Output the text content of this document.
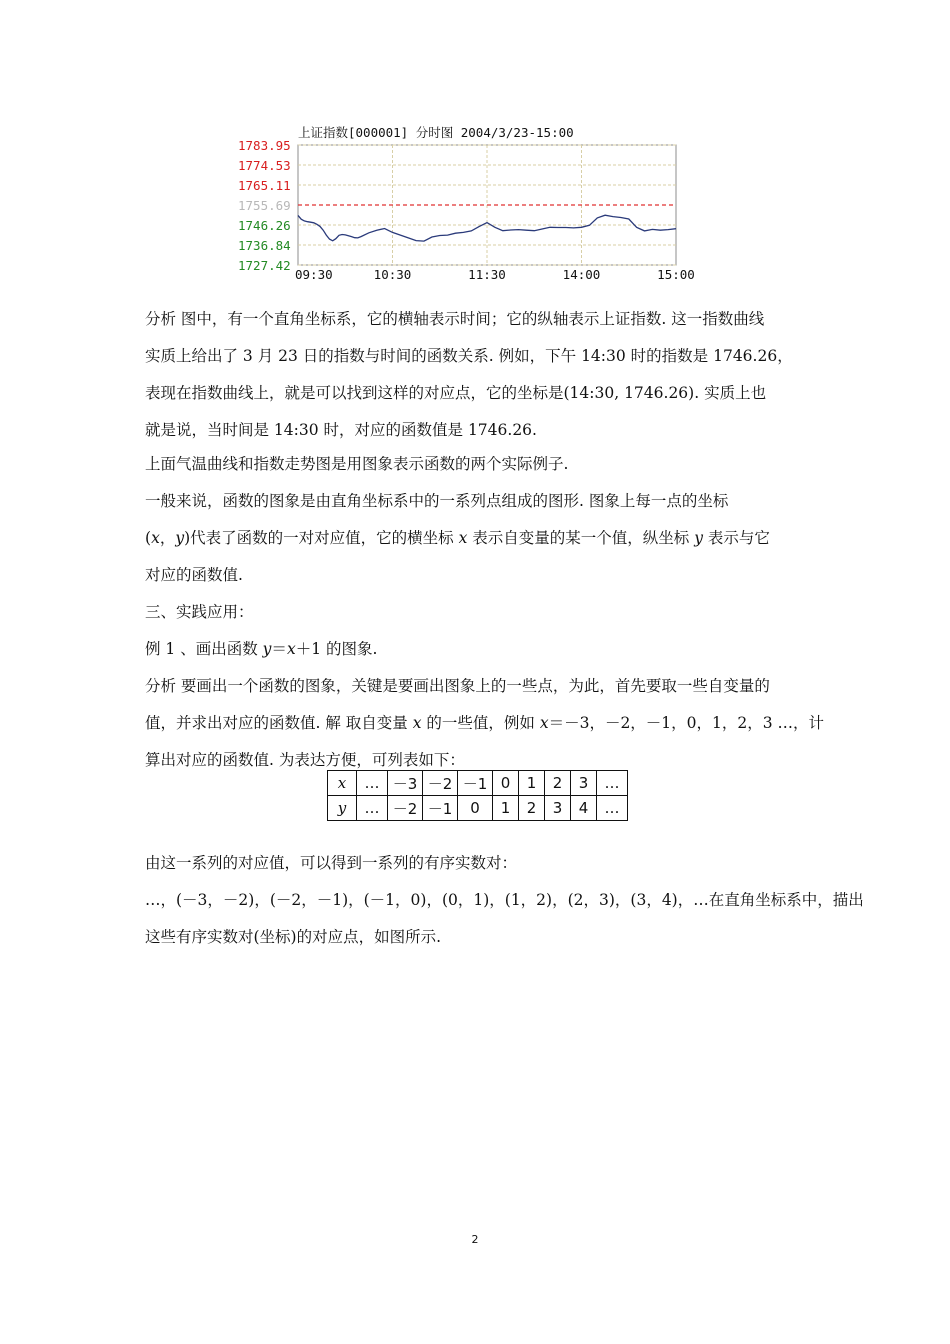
1783.95
1774.53
1765.11
1755.69
1746.26
1736.84
1727.42
09:30	10:30	11:30	14:00	15:00
上证指数[000001] 分时图 2004/3/23-15:00

分析 图中，有一个直角坐标系，它的横轴表示时间；它的纵轴表示上证指数. 这一指数曲线

实质上给出了 3 月 23 日的指数与时间的函数关系. 例如，下午 14:30 时的指数是 1746.26，

表现在指数曲线上，就是可以找到这样的对应点，它的坐标是(14:30, 1746.26). 实质上也

就是说，当时间是 14:30 时，对应的函数值是 1746.26.

上面气温曲线和指数走势图是用图象表示函数的两个实际例子.

一般来说，函数的图象是由直角坐标系中的一系列点组成的图形. 图象上每一点的坐标

(x，y)代表了函数的一对对应值，它的横坐标 x 表示自变量的某一个值，纵坐标 y 表示与它

对应的函数值.

三、实践应用：

例 1 、画出函数 y＝x＋1 的图象.

分析 要画出一个函数的图象，关键是要画出图象上的一些点，为此，首先要取一些自变量的

值，并求出对应的函数值. 解 取自变量 x 的一些值，例如 x＝－3，－2，－1，0，1，2，3 …，计

算出对应的函数值. 为表达方便，可列表如下：

x	…	－3	－2	－1	0	1	2	3	…
y	…	－2	－1	0	1	2	3	4	…

由这一系列的对应值，可以得到一系列的有序实数对：

…，(－3，－2)，(－2，－1)，(－1，0)，(0，1)，(1，2)，(2，3)，(3，4)，…在直角坐标系中，描出

这些有序实数对(坐标)的对应点，如图所示.

2
